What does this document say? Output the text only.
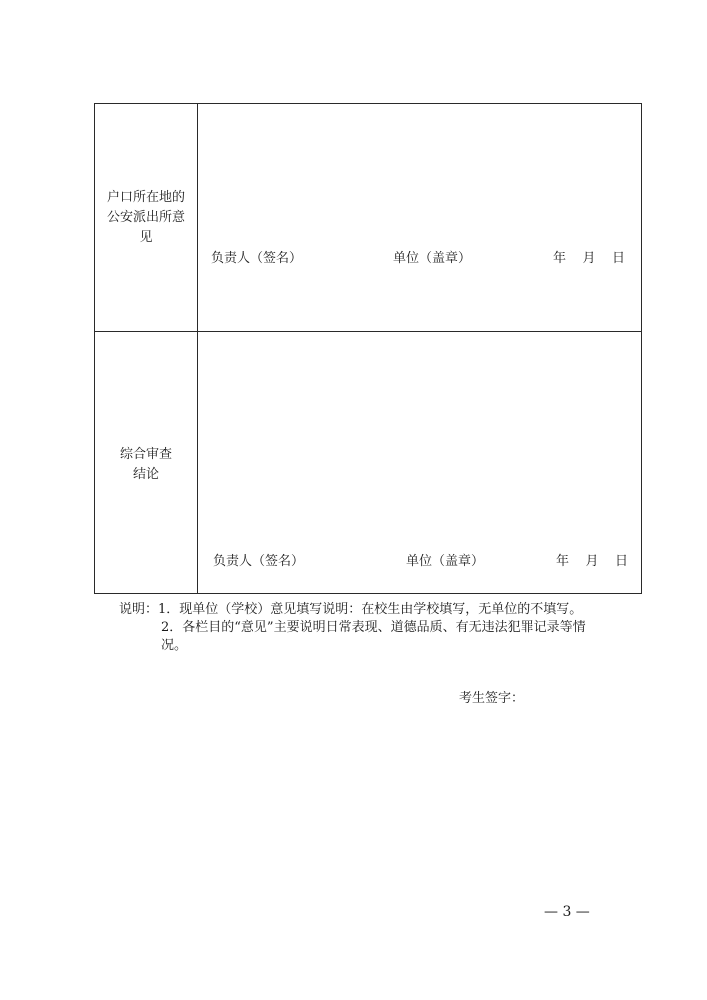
户口所在地的
公安派出所意
见
负责人（签名）	单位（盖章）	年    月    日
综合审查
结论
负责人（签名）	单位（盖章）	年    月    日
说明：1．现单位（学校）意见填写说明：在校生由学校填写，无单位的不填写。
2．各栏目的“意见”主要说明日常表现、道德品质、有无违法犯罪记录等情
况。
考生签字：
— 3 —
